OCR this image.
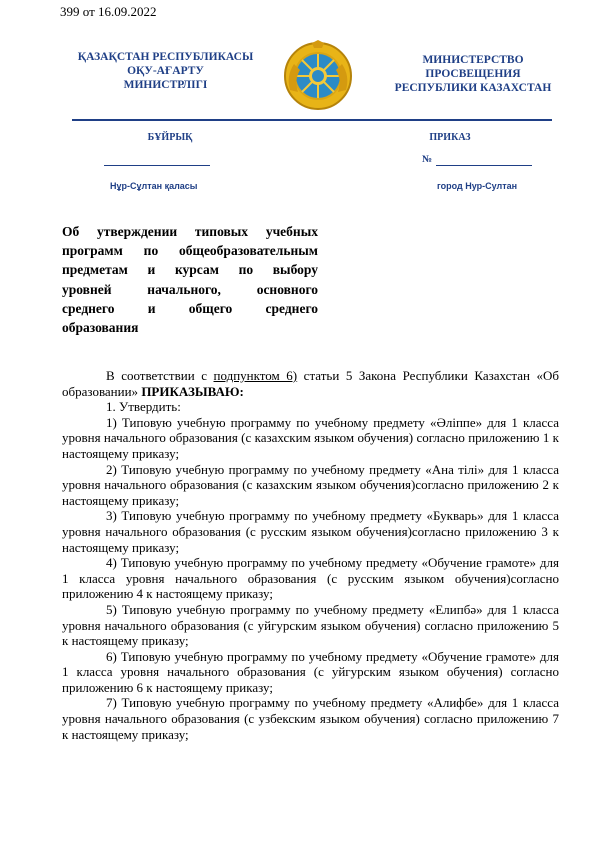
399 от 16.09.2022
ҚАЗАҚСТАН РЕСПУБЛИКАСЫ
ОҚУ-АҒАРТУ
МИНИСТРЛІГІ
МИНИСТЕРСТВО
ПРОСВЕЩЕНИЯ
РЕСПУБЛИКИ КАЗАХСТАН
БҰЙРЫҚ	ПРИКАЗ
№
Нұр-Сұлтан қаласы	город Нур-Султан
Об утверждении типовых учебных
программ по общеобразовательным
предметам и курсам по выбору
уровней начального, основного
среднего и общего среднего
образования

В соответствии с подпунктом 6) статьи 5 Закона Республики Казахстан «Об образовании» ПРИКАЗЫВАЮ:

1. Утвердить:

1) Типовую учебную программу по учебному предмету «Әліппе» для 1 класса уровня начального образования (с казахским языком обучения) согласно приложению 1 к настоящему приказу;

2) Типовую учебную программу по учебному предмету «Ана тілі» для 1 класса уровня начального образования (с казахским языком обучения)согласно приложению 2 к настоящему приказу;

3) Типовую учебную программу по учебному предмету «Букварь» для 1 класса уровня начального образования (с русским языком обучения)согласно приложению 3 к настоящему приказу;

4) Типовую учебную программу по учебному предмету «Обучение грамоте» для 1 класса уровня начального образования (с русским языком обучения)согласно приложению 4 к настоящему приказу;

5) Типовую учебную программу по учебному предмету «Елипбә» для 1 класса уровня начального образования (с уйгурским языком обучения) согласно приложению 5 к настоящему приказу;

6) Типовую учебную программу по учебному предмету «Обучение грамоте» для 1 класса уровня начального образования (с уйгурским языком обучения) согласно приложению 6 к настоящему приказу;

7) Типовую учебную программу по учебному предмету «Алифбе» для 1 класса уровня начального образования (с узбекским языком обучения) согласно приложению 7 к настоящему приказу;
